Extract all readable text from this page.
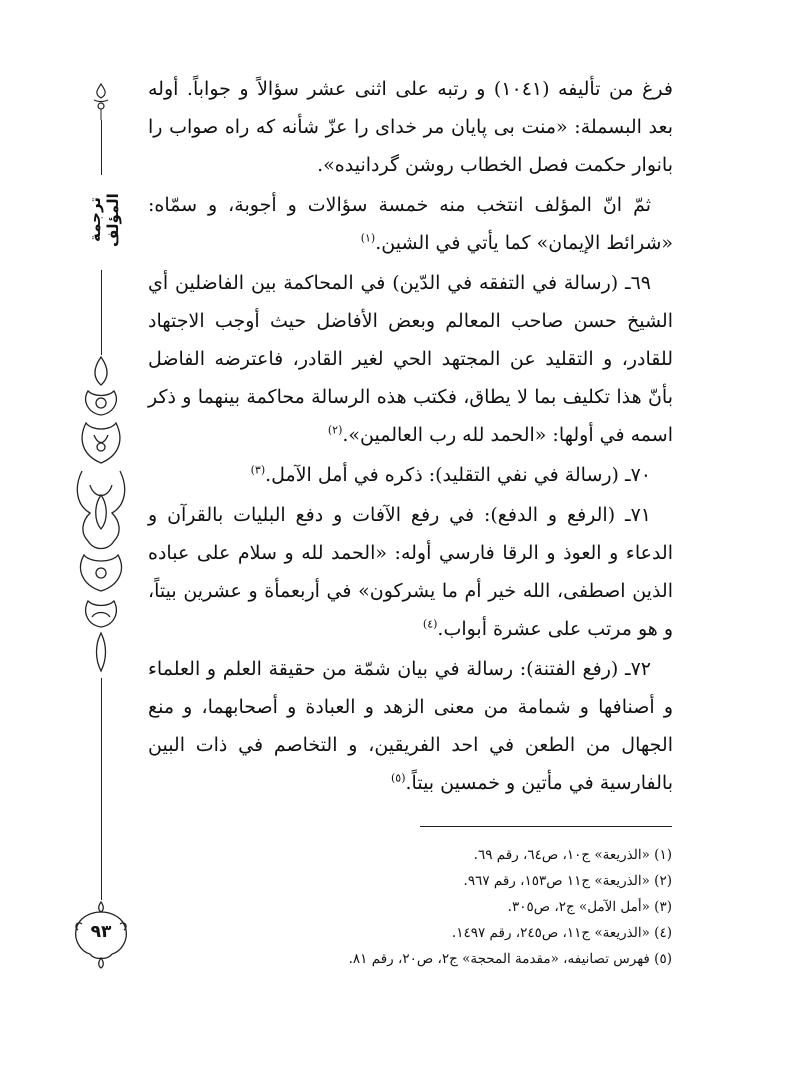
ترجمة المؤلف
٩٣

فرغ من تأليفه (١٠٤١) و رتبه على اثنى عشر سؤالاً و جواباً. أوله بعد البسملة: «منت بى پايان مر خداى را عزّ شأنه كه راه صواب را بانوار حكمت فصل الخطاب روشن گردانيده».

ثمّ انّ المؤلف انتخب منه خمسة سؤالات و أجوبة، و سمّاه: «شرائط الإيمان» كما يأتي في الشين.$^{(١)}$

٦٩ـ (رسالة في التفقه في الدّين) في المحاكمة بين الفاضلين أي الشيخ حسن صاحب المعالم وبعض الأفاضل حيث أوجب الاجتهاد للقادر، و التقليد عن المجتهد الحي لغير القادر، فاعترضه الفاضل بأنّ هذا تكليف بما لا يطاق، فكتب هذه الرسالة محاكمة بينهما و ذكر اسمه في أولها: «الحمد لله رب العالمين».$^{(٢)}$

٧٠ـ (رسالة في نفي التقليد): ذكره في أمل الآمل.$^{(٣)}$

٧١ـ (الرفع و الدفع): في رفع الآفات و دفع البليات بالقرآن و الدعاء و العوذ و الرقا فارسي أوله: «الحمد لله و سلام على عباده الذين اصطفى، الله خير أم ما يشركون» في أربعمأة و عشرين بيتاً، و هو مرتب على عشرة أبواب.$^{(٤)}$

٧٢ـ (رفع الفتنة): رسالة في بيان شمّة من حقيقة العلم و العلماء و أصنافها و شمامة من معنى الزهد و العبادة و أصحابهما، و منع الجهال من الطعن في احد الفريقين، و التخاصم في ذات البين بالفارسية في مأتين و خمسين بيتاً.$^{(٥)}$

(١) «الذريعة» ج١٠، ص٦٤، رقم ٦٩.

(٢) «الذريعة» ج١١ ص١٥٣، رقم ٩٦٧.

(٣) «أمل الآمل» ج٢، ص٣٠٥.

(٤) «الذريعة» ج١١، ص٢٤٥، رقم ١٤٩٧.

(٥) فهرس تصانيفه، «مقدمة المحجة» ج٢، ص٢٠، رقم ٨١.
